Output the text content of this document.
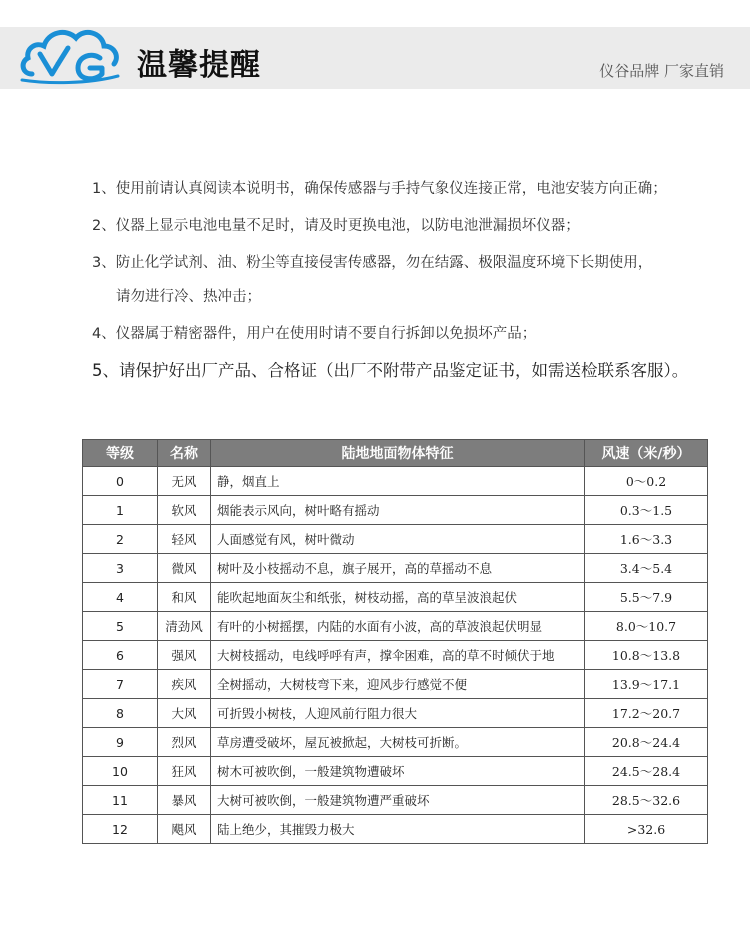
温馨提醒	仪谷品牌 厂家直销

1、使用前请认真阅读本说明书，确保传感器与手持气象仪连接正常，电池安装方向正确；

2、仪器上显示电池电量不足时，请及时更换电池，以防电池泄漏损坏仪器；

3、防止化学试剂、油、粉尘等直接侵害传感器，勿在结露、极限温度环境下长期使用，

请勿进行冷、热冲击；

4、仪器属于精密器件，用户在使用时请不要自行拆卸以免损坏产品；

5、请保护好出厂产品、合格证（出厂不附带产品鉴定证书，如需送检联系客服）。

等级	名称	陆地地面物体特征	风速（米/秒）
0	无风	静，烟直上	0～0.2
1	软风	烟能表示风向，树叶略有摇动	0.3～1.5
2	轻风	人面感觉有风，树叶微动	1.6～3.3
3	微风	树叶及小枝摇动不息，旗子展开，高的草摇动不息	3.4～5.4
4	和风	能吹起地面灰尘和纸张，树枝动摇，高的草呈波浪起伏	5.5～7.9
5	清劲风	有叶的小树摇摆，内陆的水面有小波，高的草波浪起伏明显	8.0～10.7
6	强风	大树枝摇动，电线呼呼有声，撑伞困难，高的草不时倾伏于地	10.8～13.8
7	疾风	全树摇动，大树枝弯下来，迎风步行感觉不便	13.9～17.1
8	大风	可折毁小树枝，人迎风前行阻力很大	17.2～20.7
9	烈风	草房遭受破坏，屋瓦被掀起，大树枝可折断。	20.8～24.4
10	狂风	树木可被吹倒，一般建筑物遭破坏	24.5～28.4
11	暴风	大树可被吹倒，一般建筑物遭严重破坏	28.5～32.6
12	飓风	陆上绝少，其摧毁力极大	>32.6
